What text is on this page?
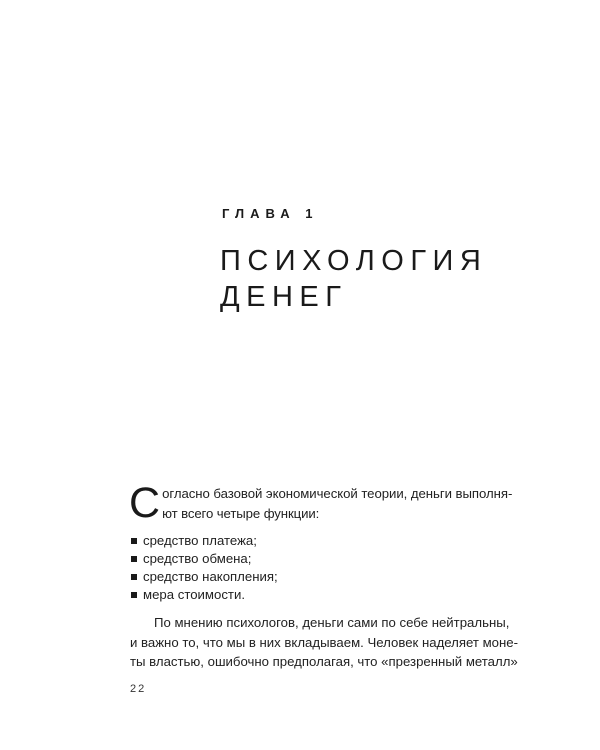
ГЛАВА 1
ПСИХОЛОГИЯ
ДЕНЕГ
С огласно базовой экономической теории, деньги выполня-
ют всего четыре функции:
средство платежа;
средство обмена;
средство накопления;
мера стоимости.
По мнению психологов, деньги сами по себе нейтральны,
и важно то, что мы в них вкладываем. Человек наделяет моне-
ты властью, ошибочно предполагая, что «презренный металл»
22
